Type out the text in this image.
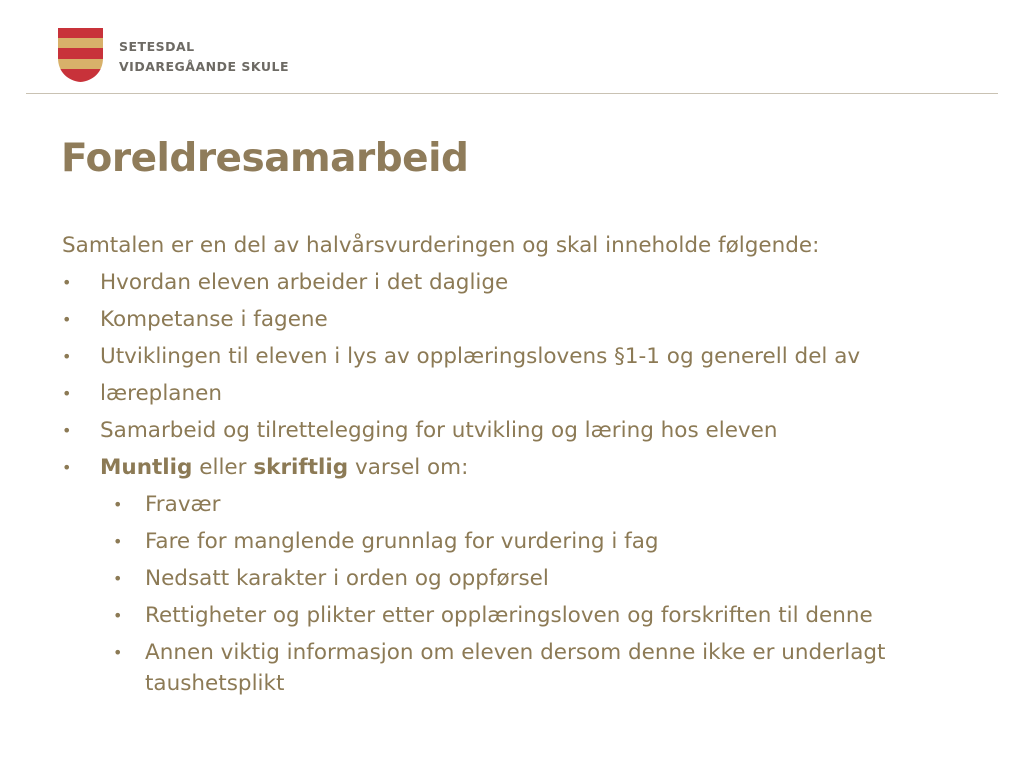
SETESDAL
VIDAREGÅANDE SKULE
Foreldresamarbeid
Samtalen er en del av halvårsvurderingen og skal inneholde følgende:
• Hvordan eleven arbeider i det daglige
• Kompetanse i fagene
• Utviklingen til eleven i lys av opplæringslovens §1-1 og generell del av
• læreplanen
• Samarbeid og tilrettelegging for utvikling og læring hos eleven
• Muntlig eller skriftlig varsel om:
• Fravær
• Fare for manglende grunnlag for vurdering i fag
• Nedsatt karakter i orden og oppførsel
• Rettigheter og plikter etter opplæringsloven og forskriften til denne
• Annen viktig informasjon om eleven dersom denne ikke er underlagt taushetsplikt
